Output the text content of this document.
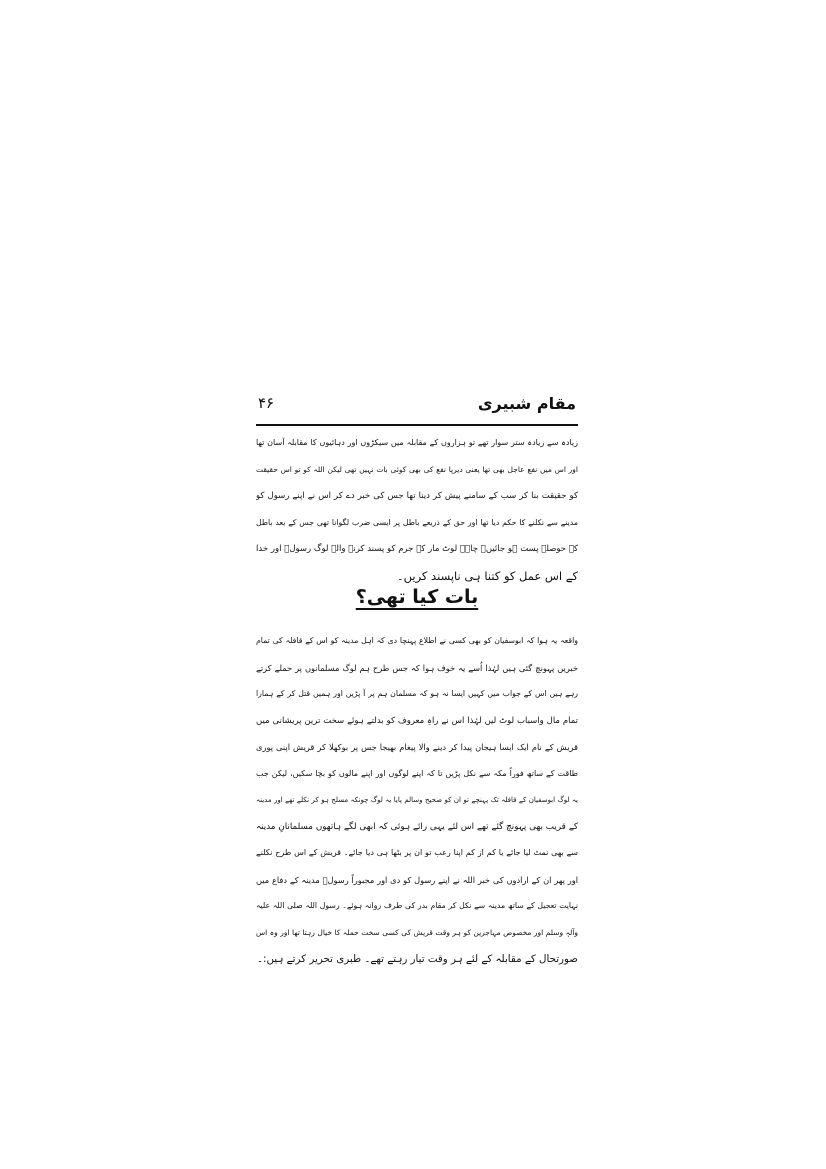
مقام شبیری
۴۶
زیادہ سے زیادہ ستر سوار تھے تو ہزاروں کے مقابلہ میں سیکڑوں اور دہائیوں کا مقابلہ آسان تھا
اور اس میں نفع عاجل بھی تھا یعنی دیرپا نفع کی بھی کوئی بات نہیں تھی لیکن اللہ کو تو اس حقیقت
کو حقیقت بنا کر سب کے سامنے پیش کر دینا تھا جس کی خبر دے کر اس نے اپنے رسول کو
مدینے سے نکلنے کا حکم دیا تھا اور حق کے ذریعے باطل پر ایسی ضرب لگوانا تھی جس کے بعد باطل
کے حوصلے پست ہو جائیں۔ چاہے لوٹ مار کے جرم کو پسند کرنے والے لوگ رسولؐ اور خدا
کے اس عمل کو کتنا ہی ناپسند کریں۔
بات کیا تھی؟
واقعہ یہ ہوا کہ ابوسفیان کو بھی کسی نے اطلاع پہنچا دی کہ اہل مدینہ کو اس کے قافلہ کی تمام
خبریں پہونچ گئی ہیں لہٰذا اُسے یہ خوف ہوا کہ جس طرح ہم لوگ مسلمانوں پر حملے کرتے
رہے ہیں اس کے جواب میں کہیں ایسا نہ ہو کہ مسلمان ہم پر آ پڑیں اور ہمیں قتل کر کے ہمارا
تمام مال واسباب لوٹ لیں لہٰذا اس نے راہِ معروف کو بدلتے ہوئے سخت ترین پریشانی میں
قریش کے نام ایک ایسا ہیجان پیدا کر دینے والا پیغام بھیجا جس پر بوکھلا کر قریش اپنی پوری
طاقت کے ساتھ فوراً مکہ سے نکل پڑیں تا کہ اپنے لوگوں اور اپنے مالوں کو بچا سکیں، لیکن جب
یہ لوگ ابوسفیان کے قافلہ تک پہنچے تو ان کو صحیح وسالم پایا یہ لوگ چونکہ مسلح ہو کر نکلے تھے اور مدینہ
کے قریب بھی پہونچ گئے تھے اس لئے یہی رائے ہوئی کہ ابھی لگے ہاتھوں مسلمانانِ مدینہ
سے بھی نمٹ لیا جائے یا کم از کم اپنا رعب تو ان پر بٹھا ہی دیا جائے۔ قریش کے اس طرح نکلنے
اور پھر ان کے ارادوں کی خبر اللہ نے اپنے رسول کو دی اور مجبوراً رسولؐ مدینہ کے دفاع میں
نہایت تعجیل کے ساتھ مدینہ سے نکل کر مقام بدر کی طرف روانہ ہوئے۔ رسول اللہ صلی اللہ علیہ
وآلہٖ وسلم اور مخصوص مہاجرین کو ہر وقت قریش کی کسی سخت حملہ کا خیال رہتا تھا اور وہ اس
صورتحال کے مقابلہ کے لئے ہر وقت تیار رہتے تھے۔ طبری تحریر کرتے ہیں:۔
